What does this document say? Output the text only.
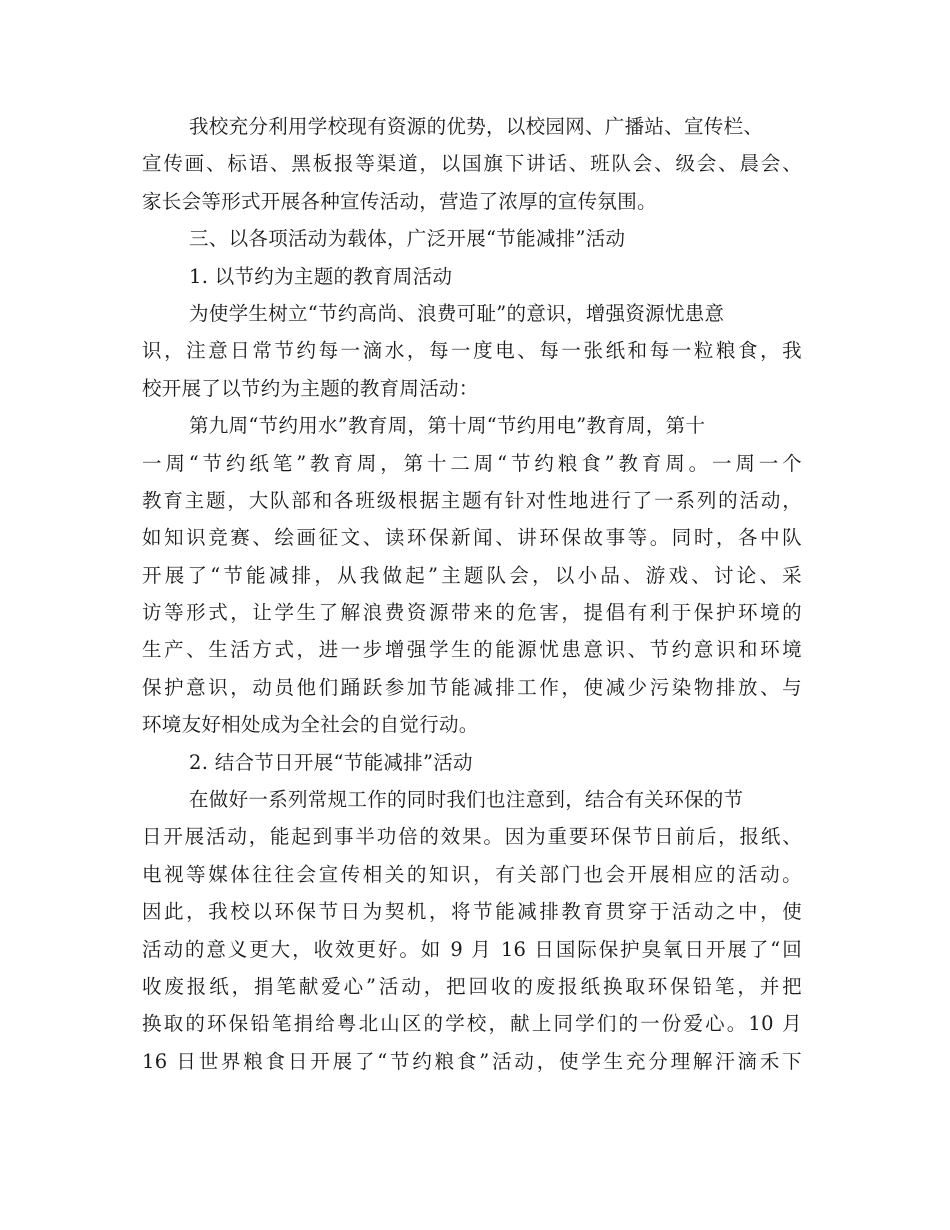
我校充分利用学校现有资源的优势，以校园网、广播站、宣传栏、
宣传画、标语、黑板报等渠道，以国旗下讲话、班队会、级会、晨会、
家长会等形式开展各种宣传活动，营造了浓厚的宣传氛围。
三、以各项活动为载体，广泛开展“节能减排”活动
1. 以节约为主题的教育周活动
为使学生树立“节约高尚、浪费可耻”的意识，增强资源忧患意
识，注意日常节约每一滴水，每一度电、每一张纸和每一粒粮食，我
校开展了以节约为主题的教育周活动：
第九周“节约用水”教育周，第十周“节约用电”教育周，第十
一周“节约纸笔”教育周，第十二周“节约粮食”教育周。一周一个
教育主题，大队部和各班级根据主题有针对性地进行了一系列的活动，
如知识竞赛、绘画征文、读环保新闻、讲环保故事等。同时，各中队
开展了“节能减排，从我做起”主题队会，以小品、游戏、讨论、采
访等形式，让学生了解浪费资源带来的危害，提倡有利于保护环境的
生产、生活方式，进一步增强学生的能源忧患意识、节约意识和环境
保护意识，动员他们踊跃参加节能减排工作，使减少污染物排放、与
环境友好相处成为全社会的自觉行动。
2. 结合节日开展“节能减排”活动
在做好一系列常规工作的同时我们也注意到，结合有关环保的节
日开展活动，能起到事半功倍的效果。因为重要环保节日前后，报纸、
电视等媒体往往会宣传相关的知识，有关部门也会开展相应的活动。
因此，我校以环保节日为契机，将节能减排教育贯穿于活动之中，使
活动的意义更大，收效更好。如 9 月 16 日国际保护臭氧日开展了“回
收废报纸，捐笔献爱心”活动，把回收的废报纸换取环保铅笔，并把
换取的环保铅笔捐给粤北山区的学校，献上同学们的一份爱心。10 月
16 日世界粮食日开展了“节约粮食”活动，使学生充分理解汗滴禾下
